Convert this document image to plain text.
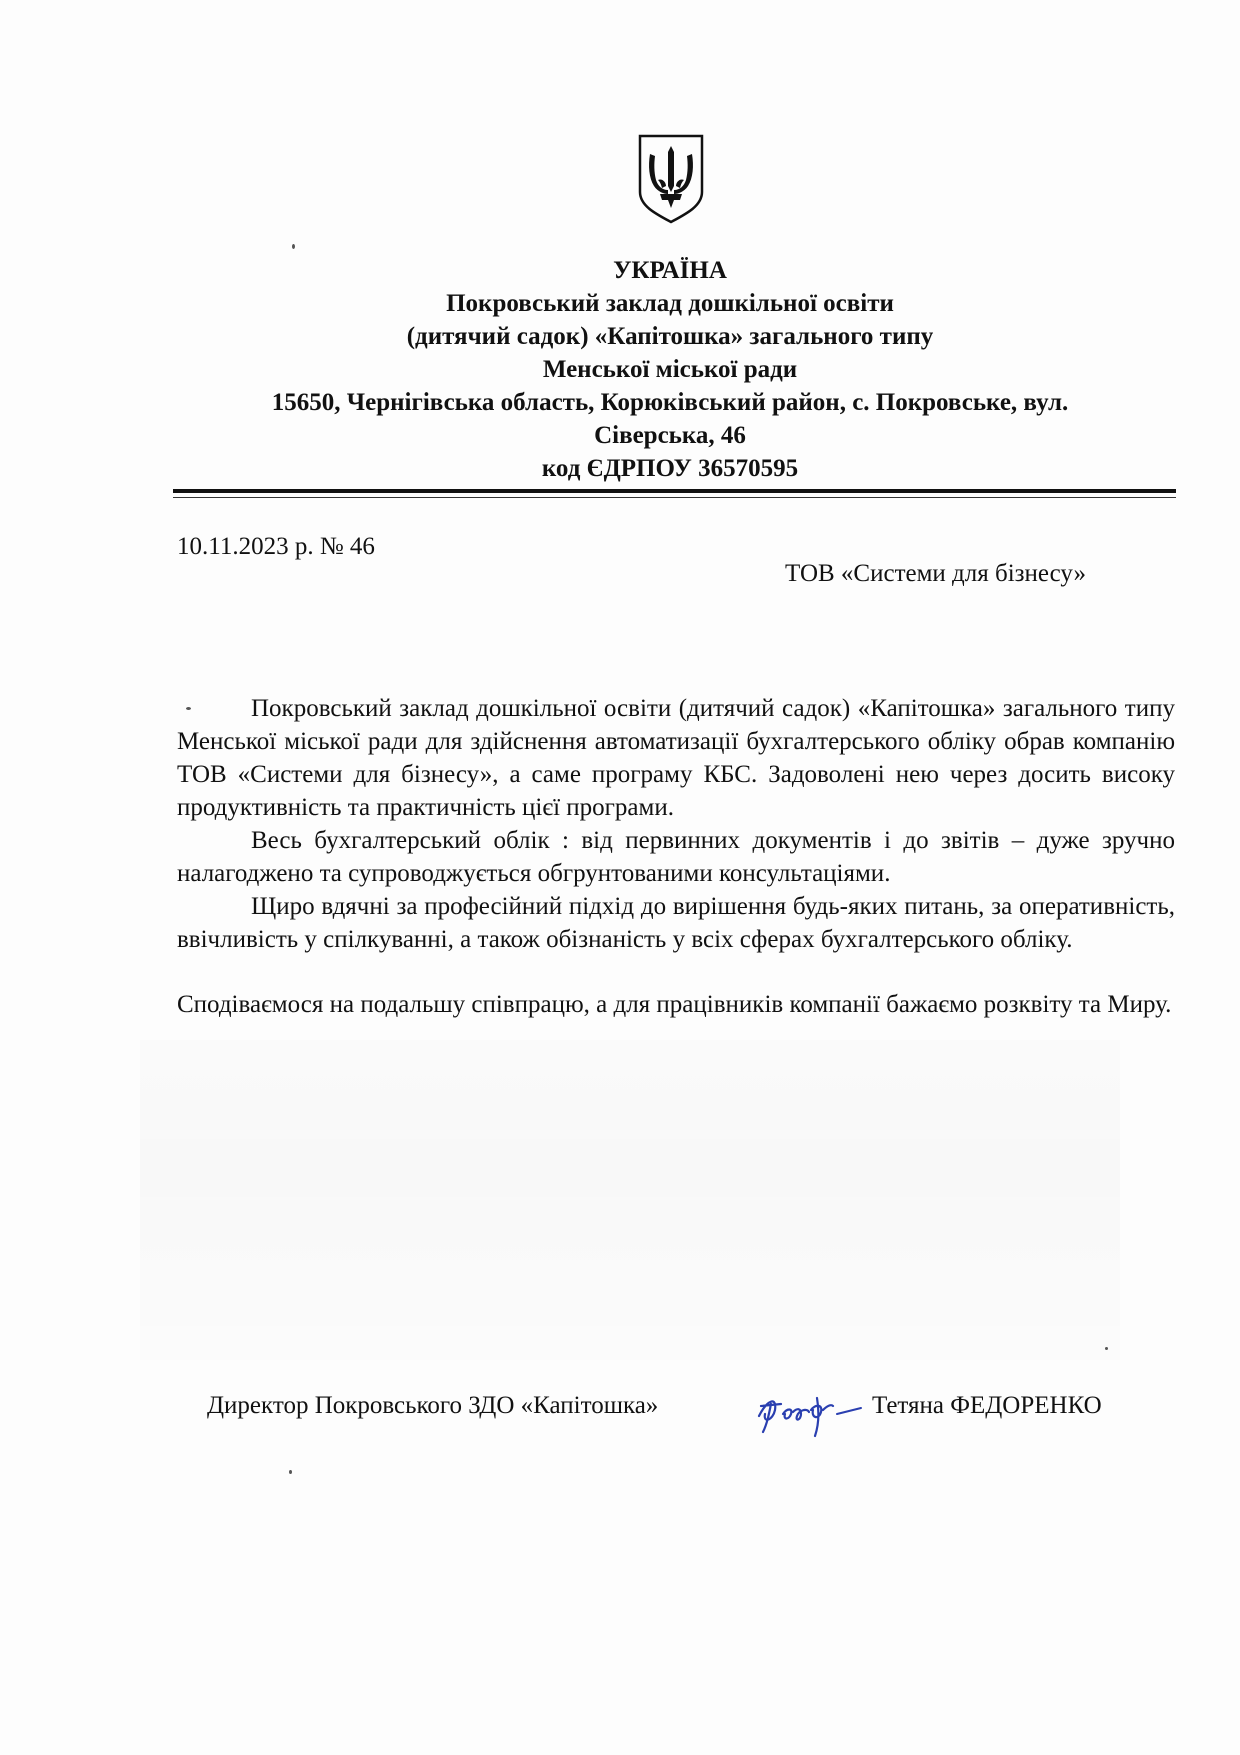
УКРАЇНА
Покровський заклад дошкільної освіти
(дитячий садок) «Капітошка» загального типу
Менської міської ради
15650, Чернігівська область, Корюківський район, с. Покровське, вул.
Сіверська, 46
код ЄДРПОУ 36570595
10.11.2023 р. № 46
ТОВ «Системи для бізнесу»

Покровський заклад дошкільної освіти (дитячий садок) «Капітошка» загального типу Менської міської ради для здійснення автоматизації бухгалтерського обліку обрав компанію ТОВ «Системи для бізнесу», а саме програму КБС. Задоволені нею через досить високу продуктивність та практичність цієї програми.

Весь бухгалтерський облік : від первинних документів і до звітів – дуже зручно налагоджено та супроводжується обгрунтованими консультаціями.

Щиро вдячні за професійний підхід до вирішення будь-яких питань, за оперативність, ввічливість у спілкуванні, а також обізнаність у всіх сферах бухгалтерського обліку.

Сподіваємося на подальшу співпрацю, а для працівників компанії бажаємо розквіту та Миру.

Директор Покровського ЗДО «Капітошка»	Тетяна ФЕДОРЕНКО
